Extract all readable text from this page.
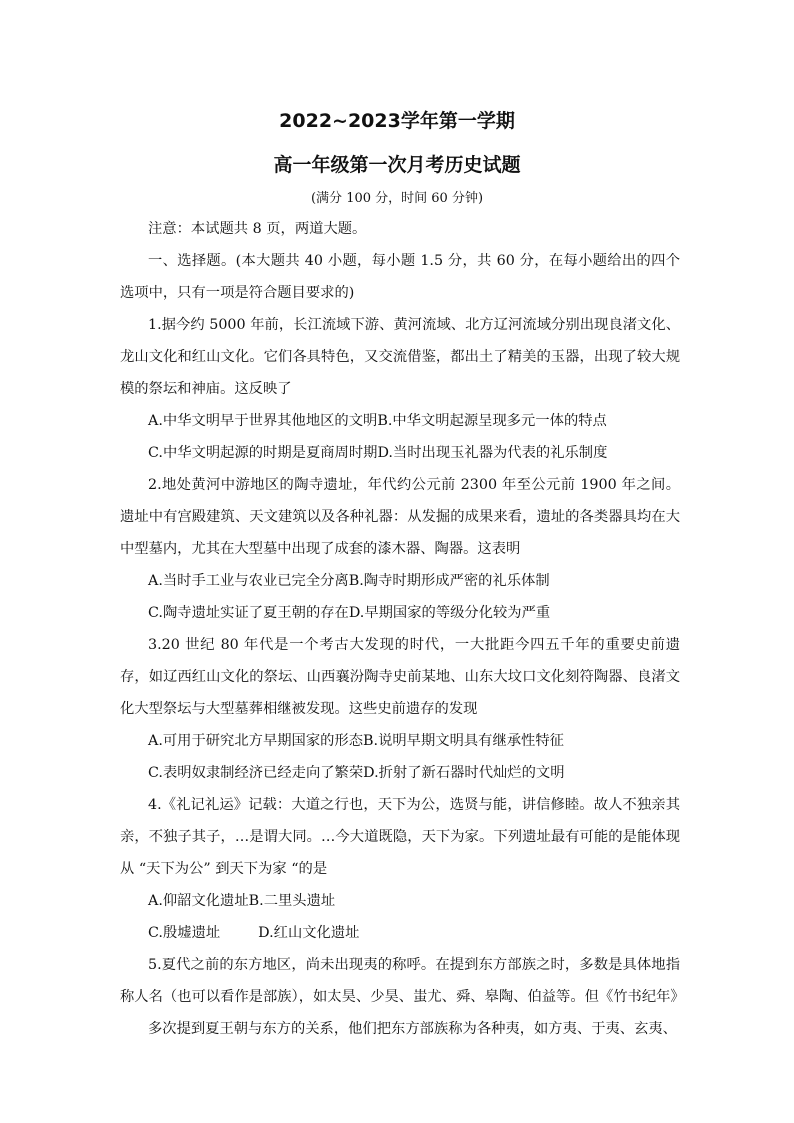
2022~2023学年第一学期
高一年级第一次月考历史试题
(满分 100 分，时间 60 分钟)

注意：本试题共 8 页，两道大题。

一、选择题。(本大题共 40 小题，每小题 1.5 分，共 60 分，在每小题给出的四个选项中，只有一项是符合题目要求的)

1.据今约 5000 年前，长江流域下游、黄河流域、北方辽河流域分别出现良渚文化、龙山文化和红山文化。它们各具特色，又交流借鉴，都出土了精美的玉器，出现了较大规模的祭坛和神庙。这反映了

A.中华文明早于世界其他地区的文明B.中华文明起源呈现多元一体的特点

C.中华文明起源的时期是夏商周时期D.当时出现玉礼器为代表的礼乐制度

2.地处黄河中游地区的陶寺遗址，年代约公元前 2300 年至公元前 1900 年之间。遗址中有宫殿建筑、天文建筑以及各种礼器：从发掘的成果来看，遗址的各类器具均在大中型墓内，尤其在大型墓中出现了成套的漆木器、陶器。这表明

A.当时手工业与农业已完全分离B.陶寺时期形成严密的礼乐体制

C.陶寺遗址实证了夏王朝的存在D.早期国家的等级分化较为严重

3.20 世纪 80 年代是一个考古大发现的时代，一大批距今四五千年的重要史前遗存，如辽西红山文化的祭坛、山西襄汾陶寺史前某地、山东大坟口文化刻符陶器、良渚文化大型祭坛与大型墓葬相继被发现。这些史前遗存的发现

A.可用于研究北方早期国家的形态B.说明早期文明具有继承性特征

C.表明奴隶制经济已经走向了繁荣D.折射了新石器时代灿烂的文明

4.《礼记礼运》记载：大道之行也，天下为公，选贤与能，讲信修睦。故人不独亲其亲，不独子其子，…是谓大同。…今大道既隐，天下为家。下列遗址最有可能的是能体现从 “天下为公” 到天下为家 “的是

A.仰韶文化遗址B.二里头遗址

C.殷墟遗址	D.红山文化遗址

5.夏代之前的东方地区，尚未出现夷的称呼。在提到东方部族之时，多数是具体地指称人名（也可以看作是部族），如太昊、少昊、蚩尤、舜、皋陶、伯益等。但《竹书纪年》

多次提到夏王朝与东方的关系，他们把东方部族称为各种夷，如方夷、于夷、玄夷、
